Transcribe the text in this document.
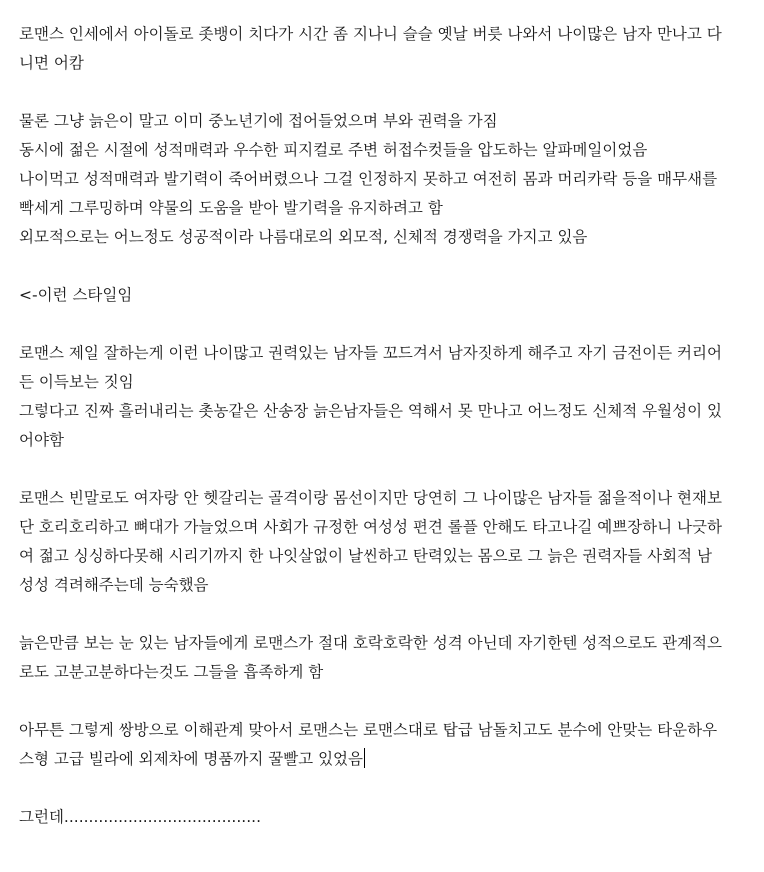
로맨스 인세에서 아이돌로 좃뱅이 치다가 시간 좀 지나니 슬슬 옛날 버릇 나와서 나이많은 남자 만나고 다니면 어캄

물론 그냥 늙은이 말고 이미 중노년기에 접어들었으며 부와 권력을 가짐

동시에 젊은 시절에 성적매력과 우수한 피지컬로 주변 허접수컷들을 압도하는 알파메일이었음

나이먹고 성적매력과 발기력이 죽어버렸으나 그걸 인정하지 못하고 여전히 몸과 머리카락 등을 매무새를 빡세게 그루밍하며 약물의 도움을 받아 발기력을 유지하려고 함

외모적으로는 어느정도 성공적이라 나름대로의 외모적, 신체적 경쟁력을 가지고 있음

<-이런 스타일임

로맨스 제일 잘하는게 이런 나이많고 권력있는 남자들 꼬드겨서 남자짓하게 해주고 자기 금전이든 커리어든 이득보는 짓임

그렇다고 진짜 흘러내리는 촛농같은 산송장 늙은남자들은 역해서 못 만나고 어느정도 신체적 우월성이 있어야함

로맨스 빈말로도 여자랑 안 헷갈리는 골격이랑 몸선이지만 당연히 그 나이많은 남자들 젊을적이나 현재보단 호리호리하고 뼈대가 가늘었으며 사회가 규정한 여성성 편견 롤플 안해도 타고나길 예쁘장하니 나긋하여 젊고 싱싱하다못해 시리기까지 한 나잇살없이 날씬하고 탄력있는 몸으로 그 늙은 권력자들 사회적 남성성 격려해주는데 능숙했음

늙은만큼 보는 눈 있는 남자들에게 로맨스가 절대 호락호락한 성격 아닌데 자기한텐 성적으로도 관계적으로도 고분고분하다는것도 그들을 흡족하게 함

아무튼 그렇게 쌍방으로 이해관계 맞아서 로맨스는 로맨스대로 탑급 남돌치고도 분수에 안맞는 타운하우스형 고급 빌라에 외제차에 명품까지 꿀빨고 있었음

그런데........................................
